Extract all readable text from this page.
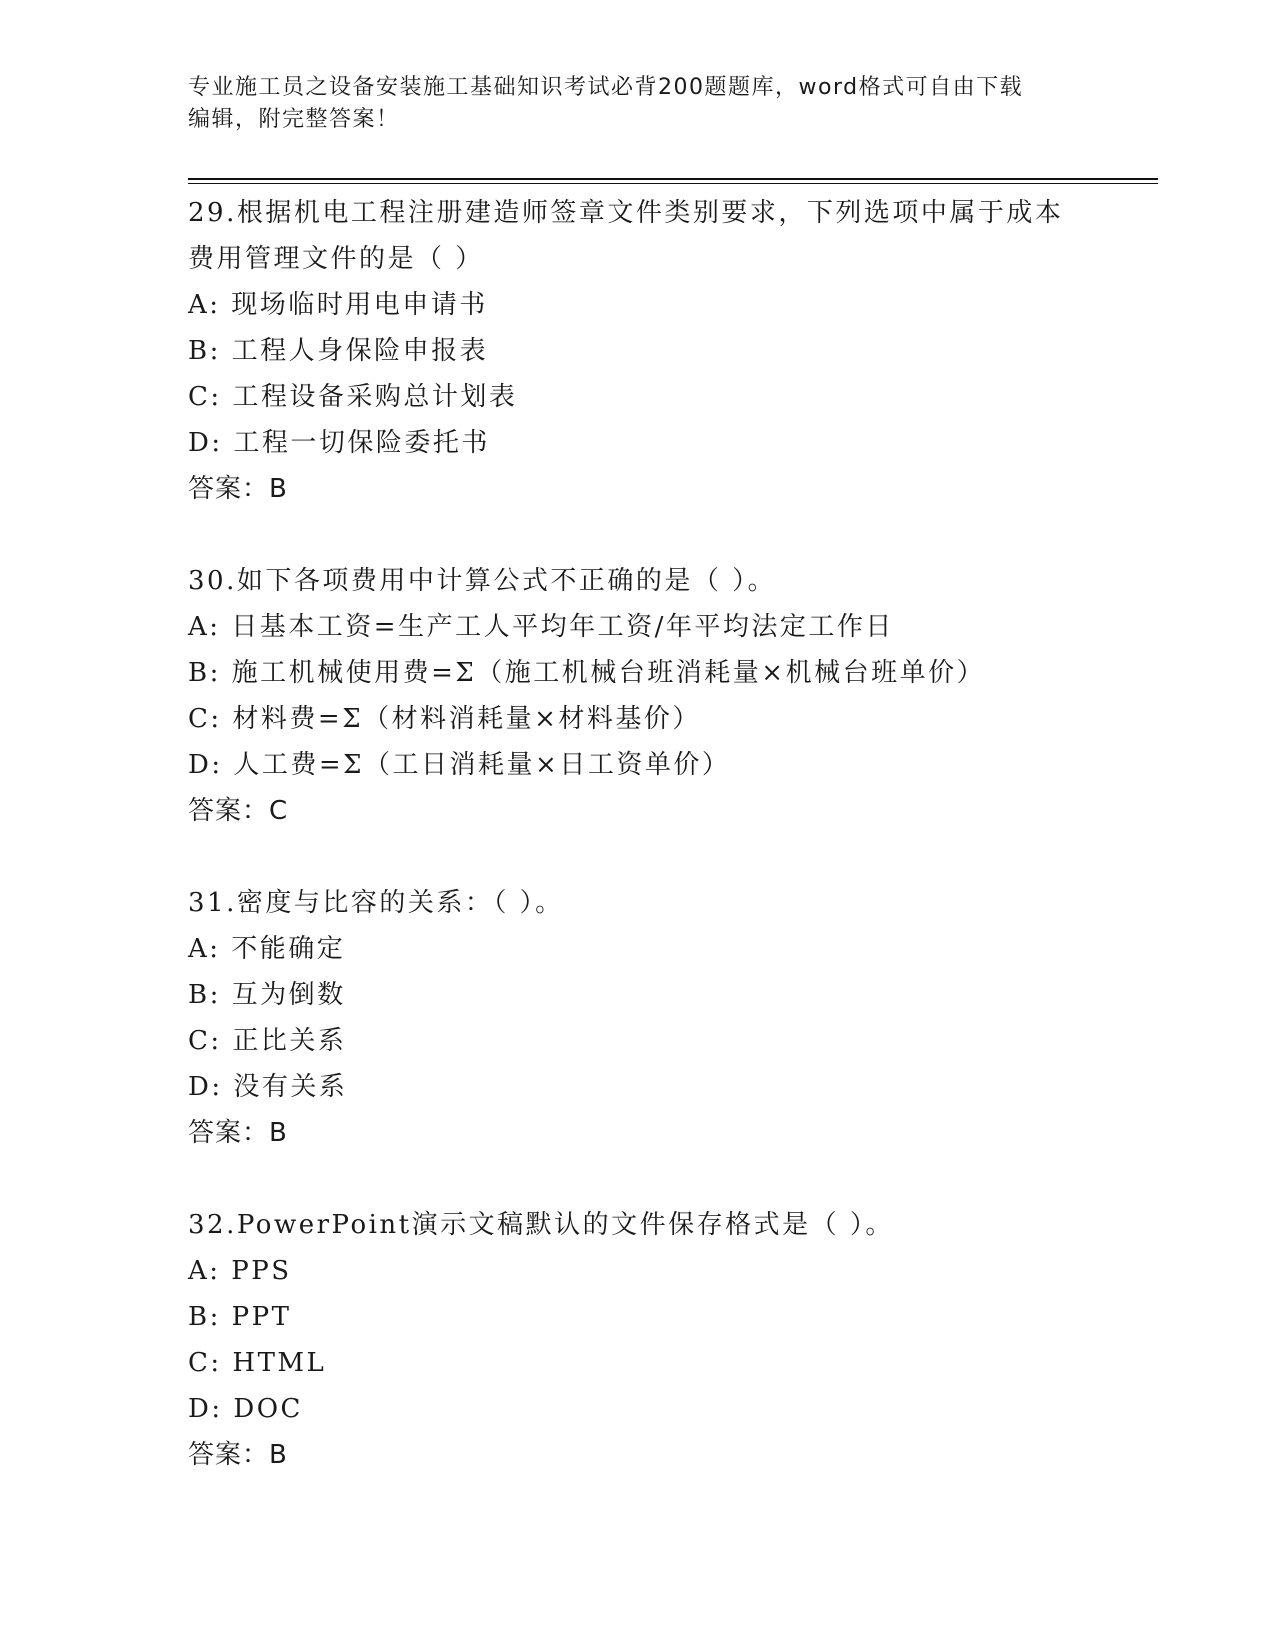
专业施工员之设备安装施工基础知识考试必背200题题库，word格式可自由下载
编辑，附完整答案！
29.根据机电工程注册建造师签章文件类别要求，下列选项中属于成本
费用管理文件的是（ ）
A: 现场临时用电申请书
B: 工程人身保险申报表
C: 工程设备采购总计划表
D: 工程一切保险委托书
答案：B
30.如下各项费用中计算公式不正确的是（ ）。
A: 日基本工资=生产工人平均年工资/年平均法定工作日
B: 施工机械使用费=Σ（施工机械台班消耗量×机械台班单价）
C: 材料费=Σ（材料消耗量×材料基价）
D: 人工费=Σ（工日消耗量×日工资单价）
答案：C
31.密度与比容的关系：（ ）。
A: 不能确定
B: 互为倒数
C: 正比关系
D: 没有关系
答案：B
32.PowerPoint演示文稿默认的文件保存格式是（ ）。
A: PPS
B: PPT
C: HTML
D: DOC
答案：B
